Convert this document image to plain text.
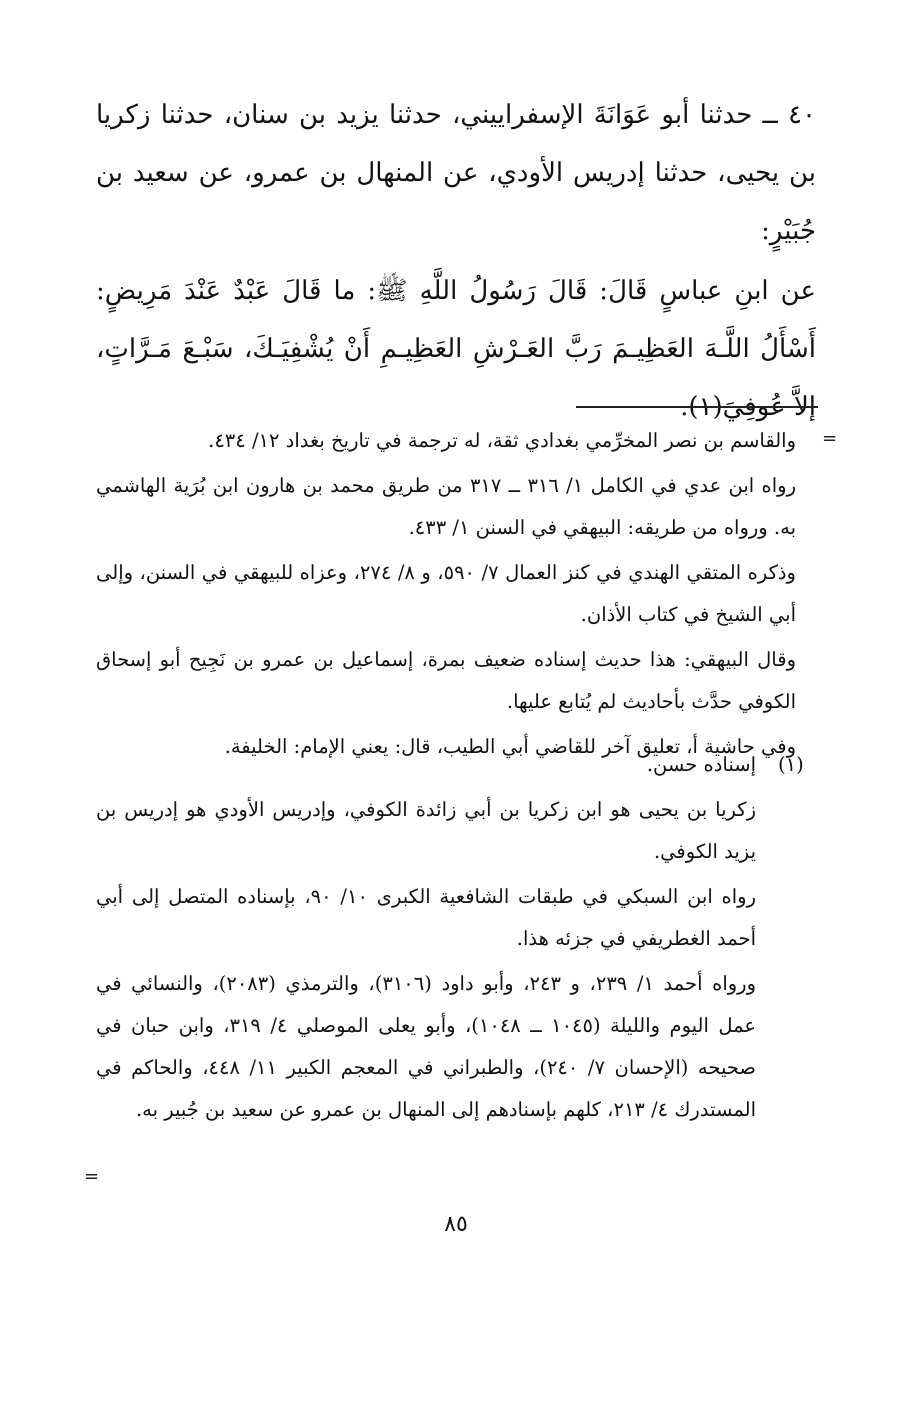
٤٠ ــ حدثنا أبو عَوَانَةَ الإسفراييني، حدثنا يزيد بن سنان، حدثنا زكريا بن يحيى، حدثنا إدريس الأودي، عن المنهال بن عمرو، عن سعيد بن جُبَيْرٍ:

عن ابنِ عباسٍ قَالَ: قَالَ رَسُولُ اللَّهِ ﷺ: ما قَالَ عَبْدٌ عَنْدَ مَرِيضٍ: أَسْأَلُ اللَّـهَ العَظِيـمَ رَبَّ العَـرْشِ العَظِيـمِ أَنْ يُشْفِيَـكَ، سَبْـعَ مَـرَّاتٍ، إلاَّ عُوفِيَ(١).

=

والقاسم بن نصر المخرِّمي بغدادي ثقة، له ترجمة في تاريخ بغداد ١٢/ ٤٣٤.

رواه ابن عدي في الكامل ١/ ٣١٦ ــ ٣١٧ من طريق محمد بن هارون ابن بُرَية الهاشمي به. ورواه من طريقه: البيهقي في السنن ١/ ٤٣٣.

وذكره المتقي الهندي في كنز العمال ٧/ ٥٩٠، و ٨/ ٢٧٤، وعزاه للبيهقي في السنن، وإلى أبي الشيخ في كتاب الأذان.

وقال البيهقي: هذا حديث إسناده ضعيف بمرة، إسماعيل بن عمرو بن نَجِيح أبو إسحاق الكوفي حدَّث بأحاديث لم يُتابع عليها.

وفي حاشية أ، تعليق آخر للقاضي أبي الطيب، قال: يعني الإمام: الخليفة.

(١)

إسناده حسن.

زكريا بن يحيى هو ابن زكريا بن أبي زائدة الكوفي، وإدريس الأودي هو إدريس بن يزيد الكوفي.

رواه ابن السبكي في طبقات الشافعية الكبرى ١٠/ ٩٠، بإسناده المتصل إلى أبي أحمد الغطريفي في جزئه هذا.

ورواه أحمد ١/ ٢٣٩، و ٢٤٣، وأبو داود (٣١٠٦)، والترمذي (٢٠٨٣)، والنسائي في عمل اليوم والليلة (١٠٤٥ ــ ١٠٤٨)، وأبو يعلى الموصلي ٤/ ٣١٩، وابن حبان في صحيحه (الإحسان ٧/ ٢٤٠)، والطبراني في المعجم الكبير ١١/ ٤٤٨، والحاكم في المستدرك ٤/ ٢١٣، كلهم بإسنادهم إلى المنهال بن عمرو عن سعيد بن جُبير به.

=
٨٥
